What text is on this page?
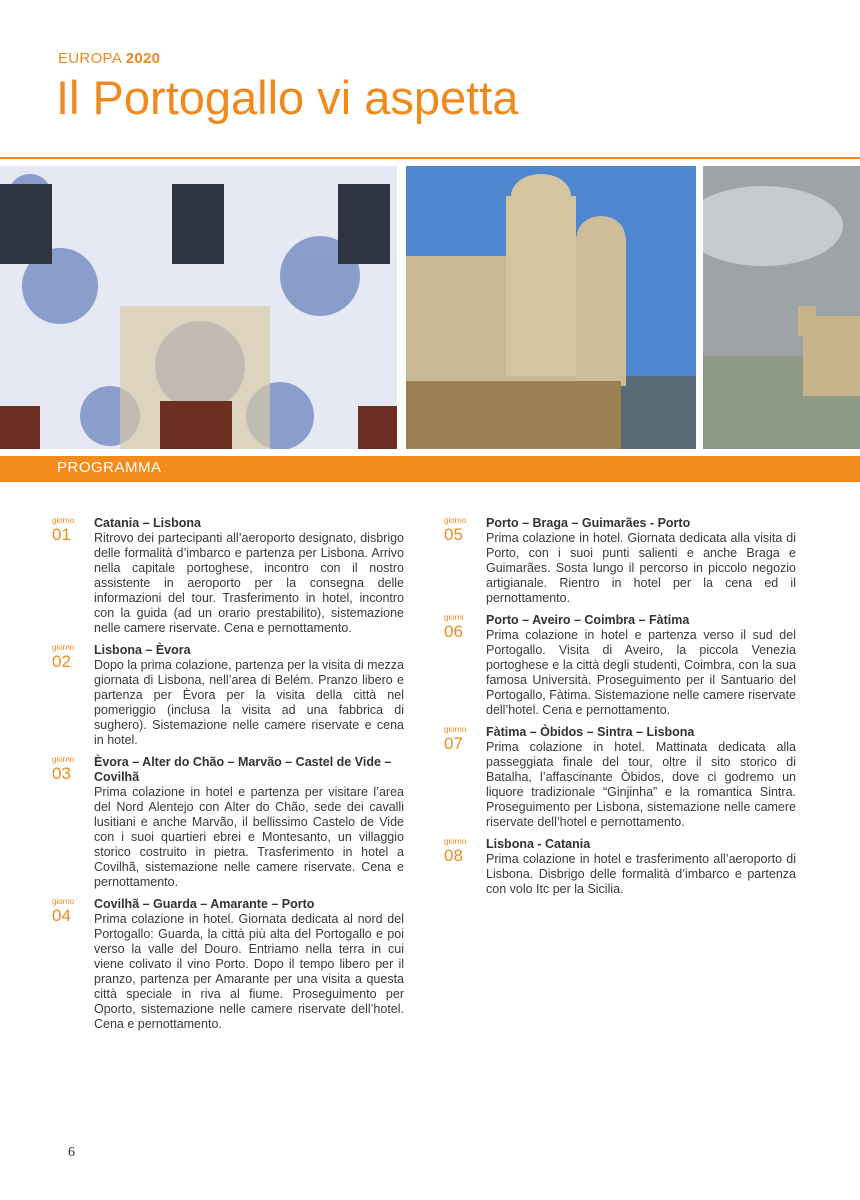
EUROPA 2020
Il Portogallo vi aspetta
PROGRAMMA
giorno
01
Catania – Lisbona
Ritrovo dei partecipanti all’aeroporto designato, disbrigo delle formalità d’imbarco e partenza per Lisbona. Arrivo nella capitale portoghese, incontro con il nostro assistente in aeroporto per la consegna delle informazioni del tour. Trasferimento in hotel, incontro con la guida (ad un orario prestabilito), sistemazione nelle camere riservate. Cena e pernottamento.
giorno
02
Lisbona – Èvora
Dopo la prima colazione, partenza per la visita di mezza giornata di Lisbona, nell’area di Belém. Pranzo libero e partenza per Èvora per la visita della città nel pomeriggio (inclusa la visita ad una fabbrica di sughero). Sistemazione nelle camere riservate e cena in hotel.
giorno
03
Èvora – Alter do Chão – Marvão – Castel de Vide – Covilhã
Prima colazione in hotel e partenza per visitare l’area del Nord Alentejo con Alter do Chão, sede dei cavalli lusitiani e anche Marvão, il bellissimo Castelo de Vide con i suoi quartieri ebrei e Montesanto, un villaggio storico costruito in pietra. Trasferimento in hotel a Covilhã, sistemazione nelle camere riservate. Cena e pernottamento.
giorno
04
Covilhã – Guarda – Amarante – Porto
Prima colazione in hotel. Giornata dedicata al nord del Portogallo: Guarda, la città più alta del Portogallo e poi verso la valle del Douro. Entriamo nella terra in cui viene colivato il vino Porto. Dopo il tempo libero per il pranzo, partenza per Amarante per una visita a questa città speciale in riva al fiume. Proseguimento per Oporto, sistemazione nelle camere riservate dell’hotel. Cena e pernottamento.
giorno
05
Porto – Braga – Guimarães - Porto
Prima colazione in hotel. Giornata dedicata alla visita di Porto, con i suoi punti salienti e anche Braga e Guimarães. Sosta lungo il percorso in piccolo negozio artigianale. Rientro in hotel per la cena ed il pernottamento.
giorni
06
Porto – Aveiro – Coimbra – Fàtima
Prima colazione in hotel e partenza verso il sud del Portogallo. Visita di Aveiro, la piccola Venezia portoghese e la città degli studenti, Coimbra, con la sua famosa Università. Proseguimento per il Santuario del Portogallo, Fàtima. Sistemazione nelle camere riservate dell’hotel. Cena e pernottamento.
giorno
07
Fàtima – Òbidos – Sintra – Lisbona
Prima colazione in hotel. Mattinata dedicata alla passeggiata finale del tour, oltre il sito storico di Batalha, l’affascinante Òbidos, dove ci godremo un liquore tradizionale “Ginjinha” e la romantica Sintra. Proseguimento per Lisbona, sistemazione nelle camere riservate dell’hotel e pernottamento.
giorno
08
Lisbona - Catania
Prima colazione in hotel e trasferimento all’aeroporto di Lisbona. Disbrigo delle formalità d’imbarco e partenza con volo Itc per la Sicilia.
6
